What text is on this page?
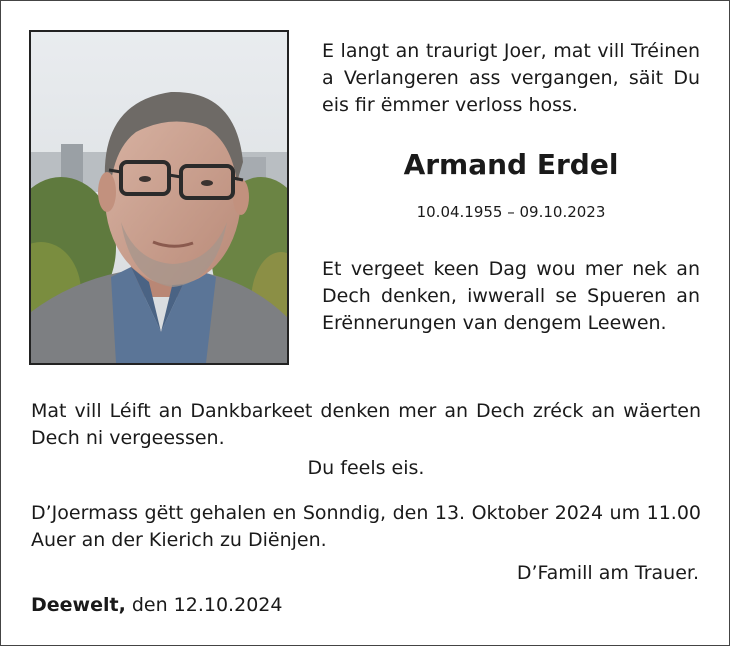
E langt an traurigt Joer, mat vill Tréinen a Verlangeren ass vergangen, säit Du eis fir ëmmer verloss hoss.

Armand Erdel

10.04.1955 – 09.10.2023

Et vergeet keen Dag wou mer nek an Dech denken, iwwerall se Spueren an Erënnerungen van dengem Leewen.

Mat vill Léift an Dankbarkeet denken mer an Dech zréck an wäerten Dech ni vergeessen.

Du feels eis.

D’Joermass gëtt gehalen en Sonndig, den 13. Oktober 2024 um 11.00 Auer an der Kierich zu Diënjen.

D’Famill am Trauer.

Deewelt, den 12.10.2024
